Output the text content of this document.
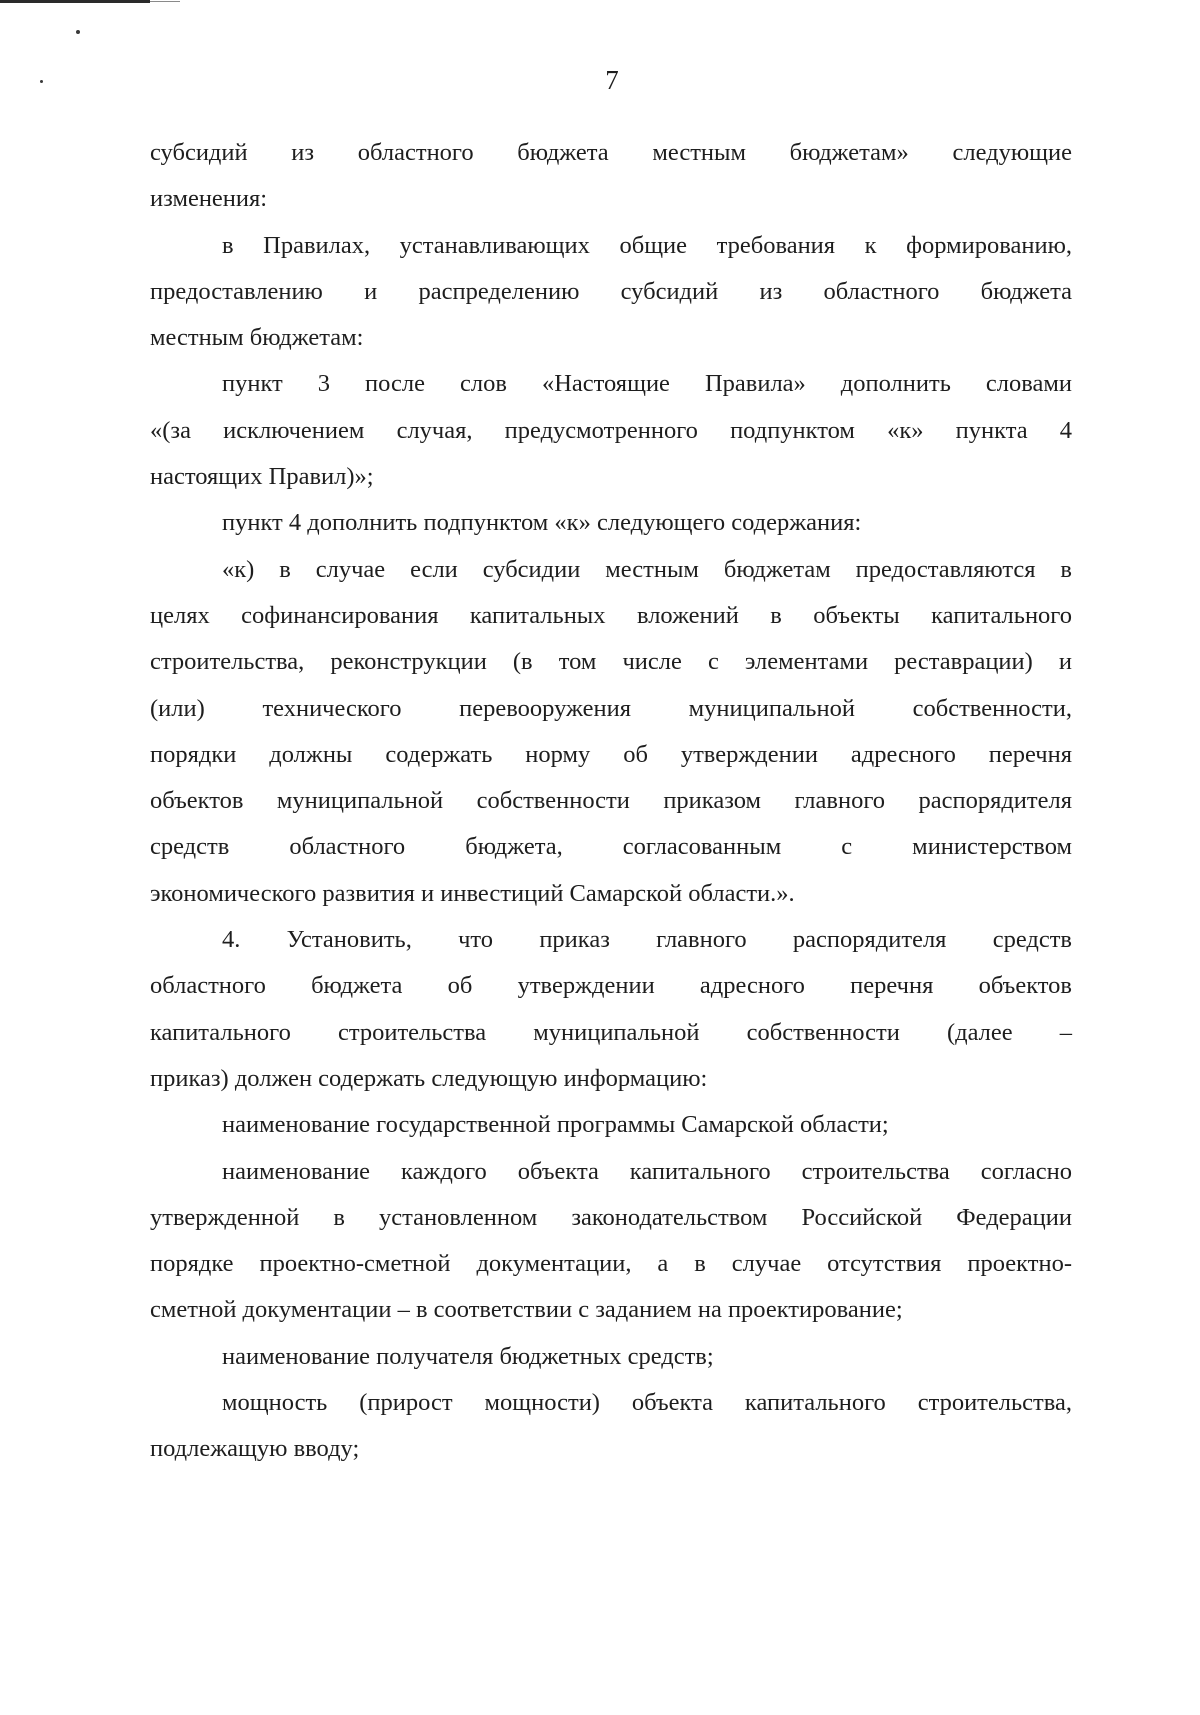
7
субсидий из областного бюджета местным бюджетам» следующие
изменения:
в Правилах, устанавливающих общие требования к формированию,
предоставлению и распределению субсидий из областного бюджета
местным бюджетам:
пункт 3 после слов «Настоящие Правила» дополнить словами
«(за исключением случая, предусмотренного подпунктом «к» пункта 4
настоящих Правил)»;
пункт 4 дополнить подпунктом «к» следующего содержания:
«к) в случае если субсидии местным бюджетам предоставляются в
целях софинансирования капитальных вложений в объекты капитального
строительства, реконструкции (в том числе с элементами реставрации) и
(или) технического перевооружения муниципальной собственности,
порядки должны содержать норму об утверждении адресного перечня
объектов муниципальной собственности приказом главного распорядителя
средств областного бюджета, согласованным с министерством
экономического развития и инвестиций Самарской области.».
4. Установить, что приказ главного распорядителя средств
областного бюджета об утверждении адресного перечня объектов
капитального строительства муниципальной собственности (далее –
приказ) должен содержать следующую информацию:
наименование государственной программы Самарской области;
наименование каждого объекта капитального строительства согласно
утвержденной в установленном законодательством Российской Федерации
порядке проектно-сметной документации, а в случае отсутствия проектно-
сметной документации – в соответствии с заданием на проектирование;
наименование получателя бюджетных средств;
мощность (прирост мощности) объекта капитального строительства,
подлежащую вводу;
